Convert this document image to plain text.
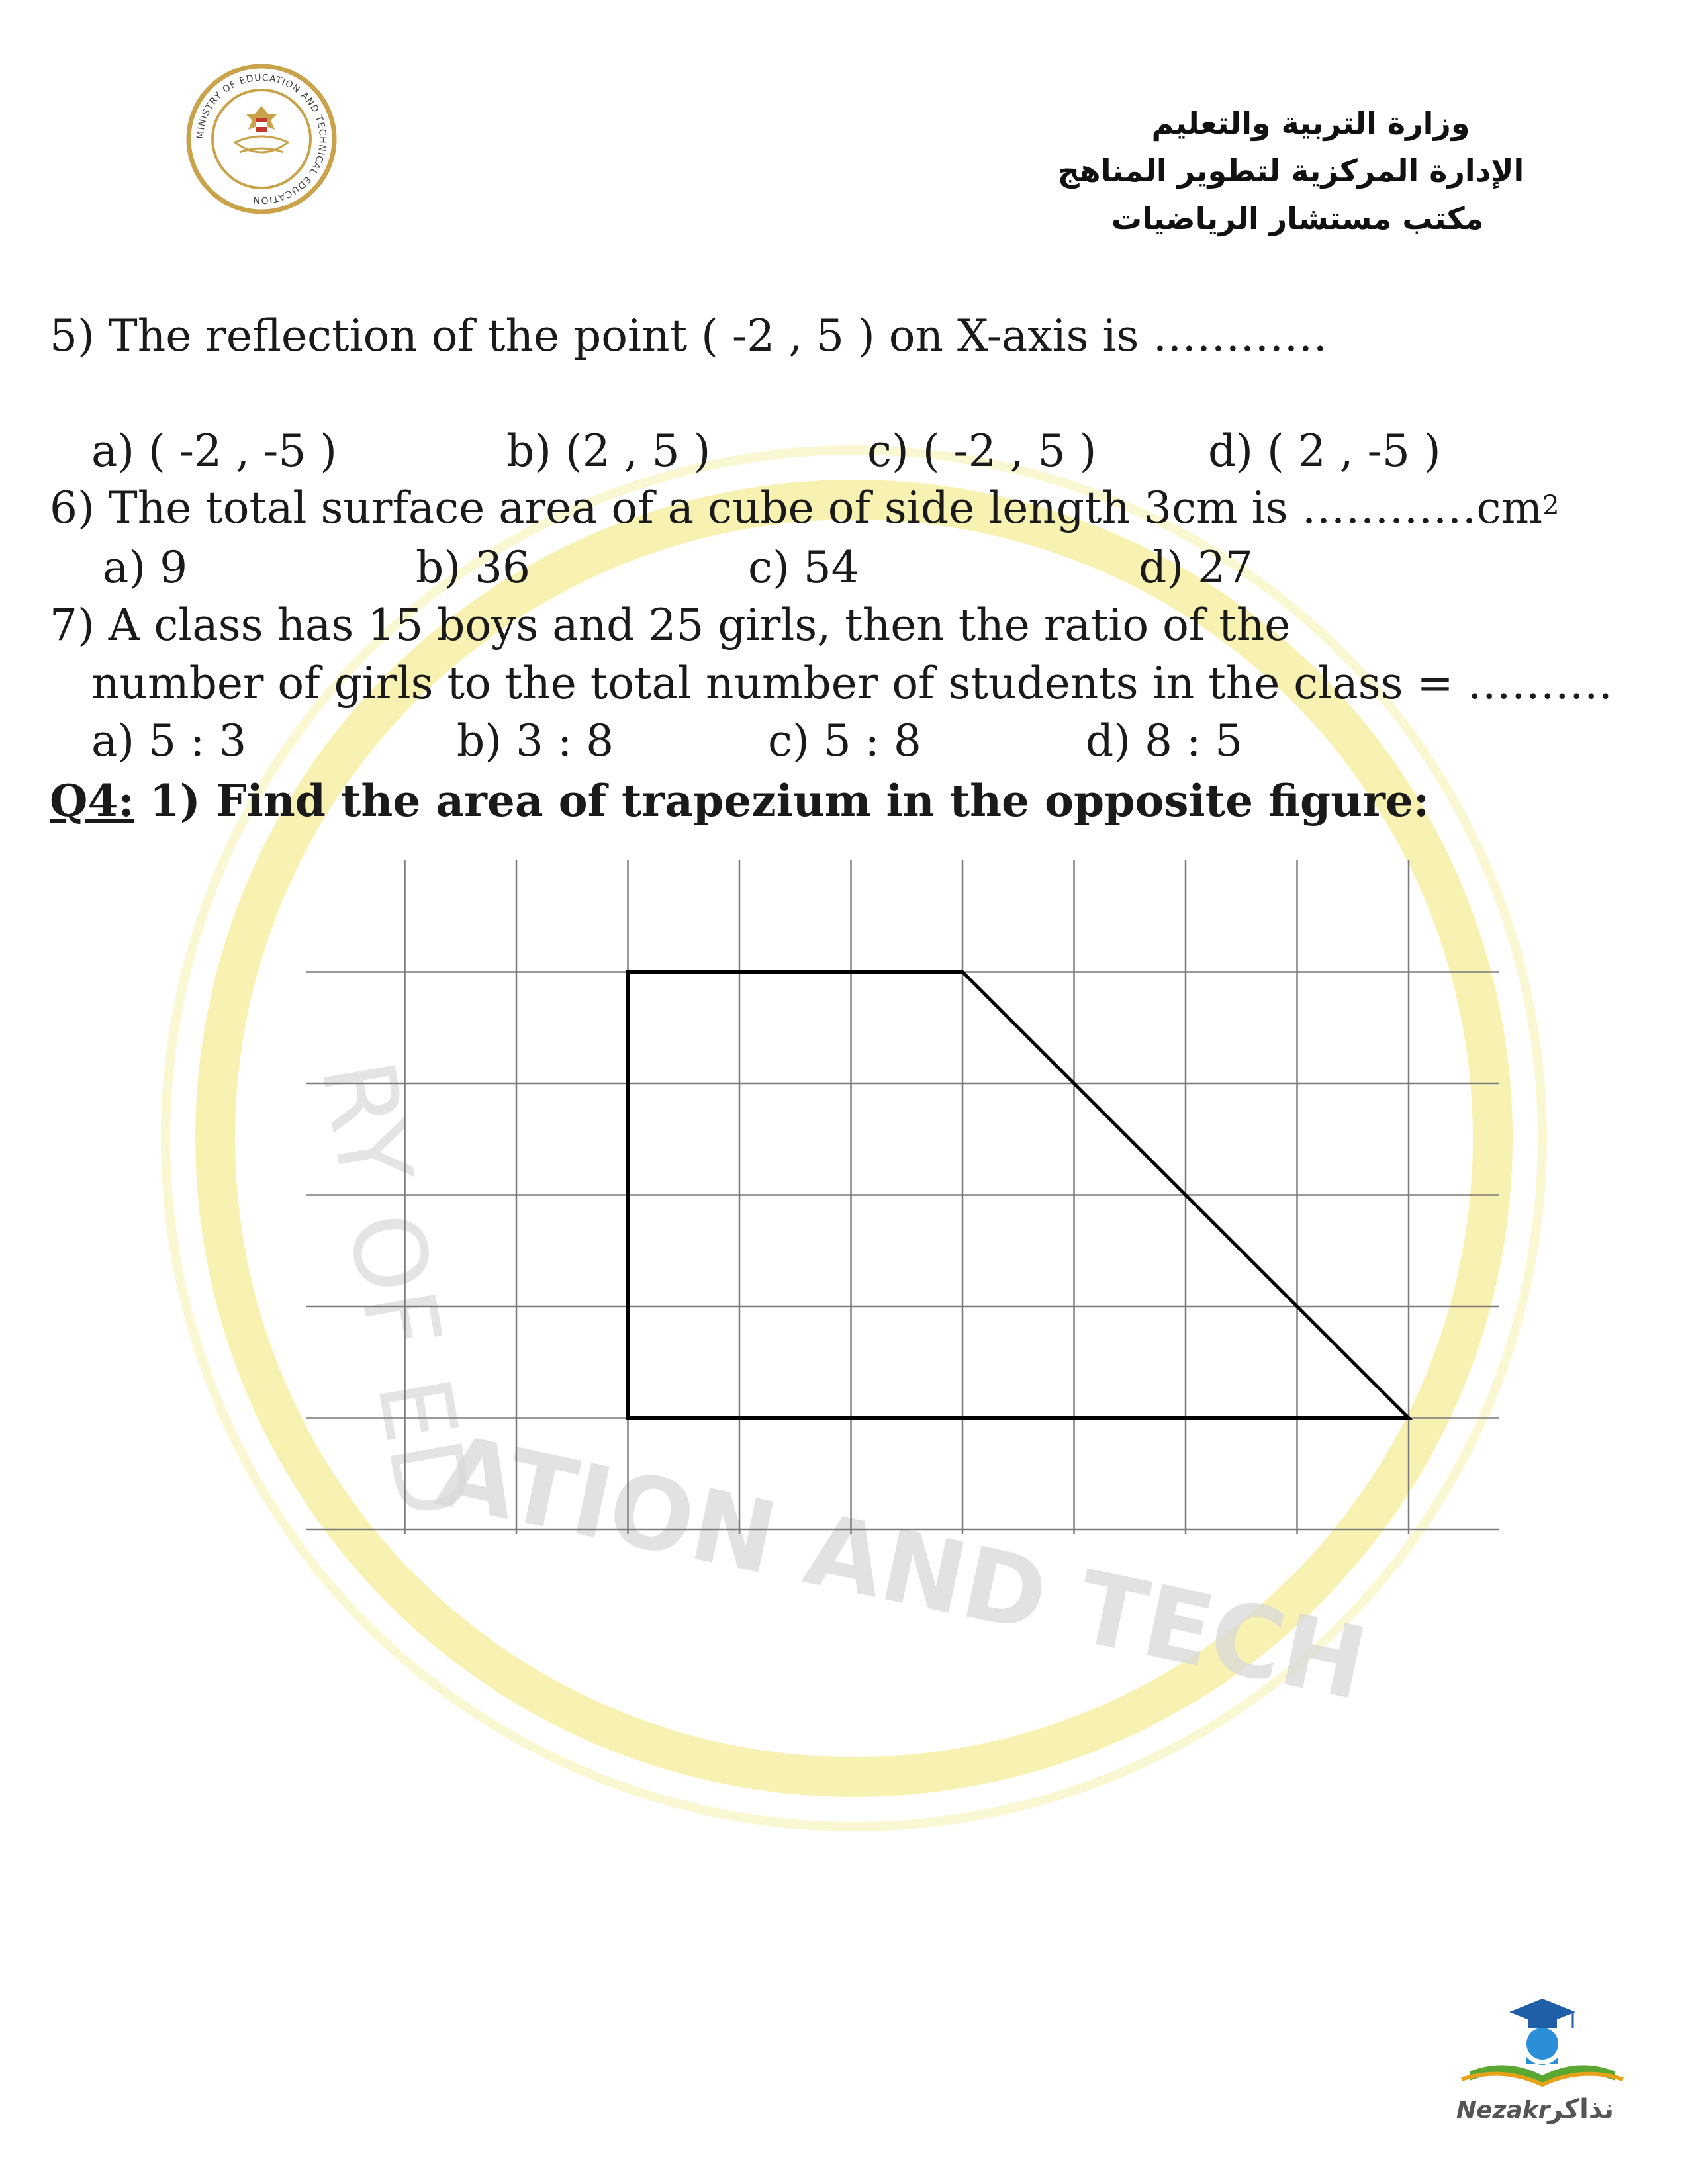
RY OF ED
ATION AND TECH
MINISTRY OF EDUCATION AND TECHNICAL EDUCATION
وزارة التربية والتعليم
الإدارة المركزية لتطوير المناهج
مكتب مستشار الرياضيات
5) The reflection of the point ( -2 , 5 ) on X-axis is …………
a) ( -2 , -5 )	b) (2 , 5 )	c) ( -2 , 5 )	d) ( 2 , -5 )
6) The total surface area of a cube of side length 3cm is $\dots\dots\dots\dots cm^2$
a) 9	b) 36	c) 54	d) 27
7) A class has 15 boys and 25 girls, then the ratio of the
number of girls to the total number of students in the class = ……….
a) 5 : 3	b) 3 : 8	c) 5 : 8	d) 8 : 5
Q4: 1) Find the area of trapezium in the opposite figure:
Nezakr
نذاكر
